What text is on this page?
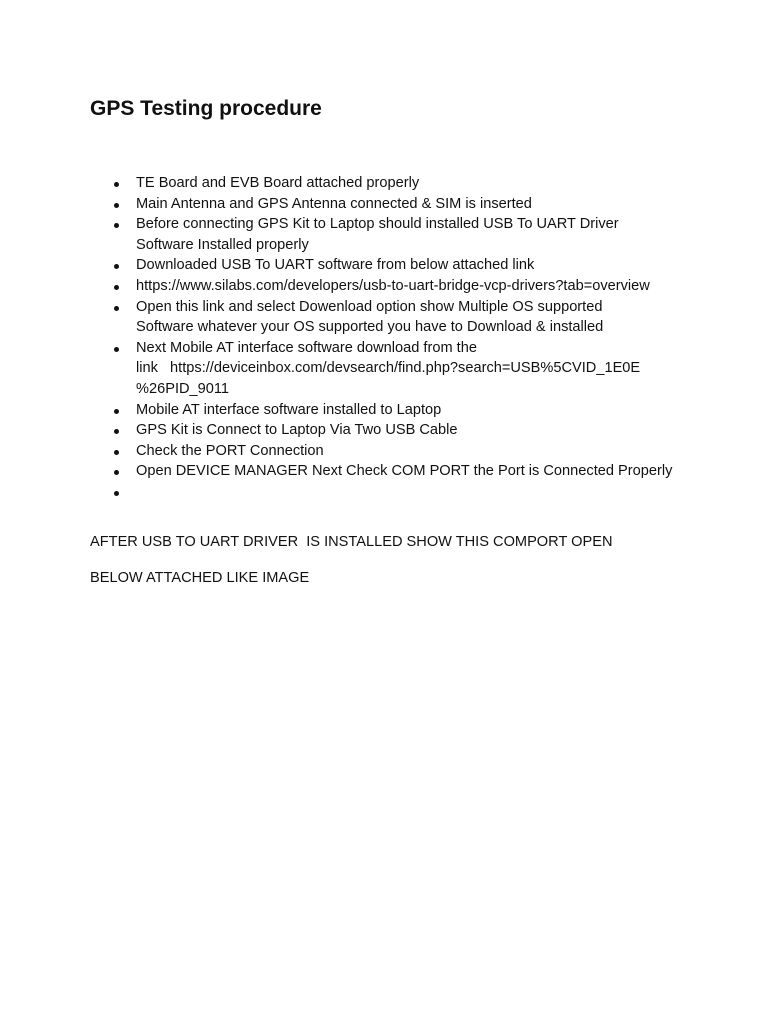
GPS Testing procedure
TE Board and EVB Board attached properly
Main Antenna and GPS Antenna connected & SIM is inserted
Before connecting GPS Kit to Laptop should installed USB To UART Driver
Software Installed properly
Downloaded USB To UART software from below attached link
https://www.silabs.com/developers/usb-to-uart-bridge-vcp-drivers?tab=overview
Open this link and select Dowenload option show Multiple OS supported
Software whatever your OS supported you have to Download & installed
Next Mobile AT interface software download from the
link   https://deviceinbox.com/devsearch/find.php?search=USB%5CVID_1E0E
%26PID_9011
Mobile AT interface software installed to Laptop
GPS Kit is Connect to Laptop Via Two USB Cable
Check the PORT Connection
Open DEVICE MANAGER Next Check COM PORT the Port is Connected Properly

AFTER USB TO UART DRIVER  IS INSTALLED SHOW THIS COMPORT OPEN

BELOW ATTACHED LIKE IMAGE
